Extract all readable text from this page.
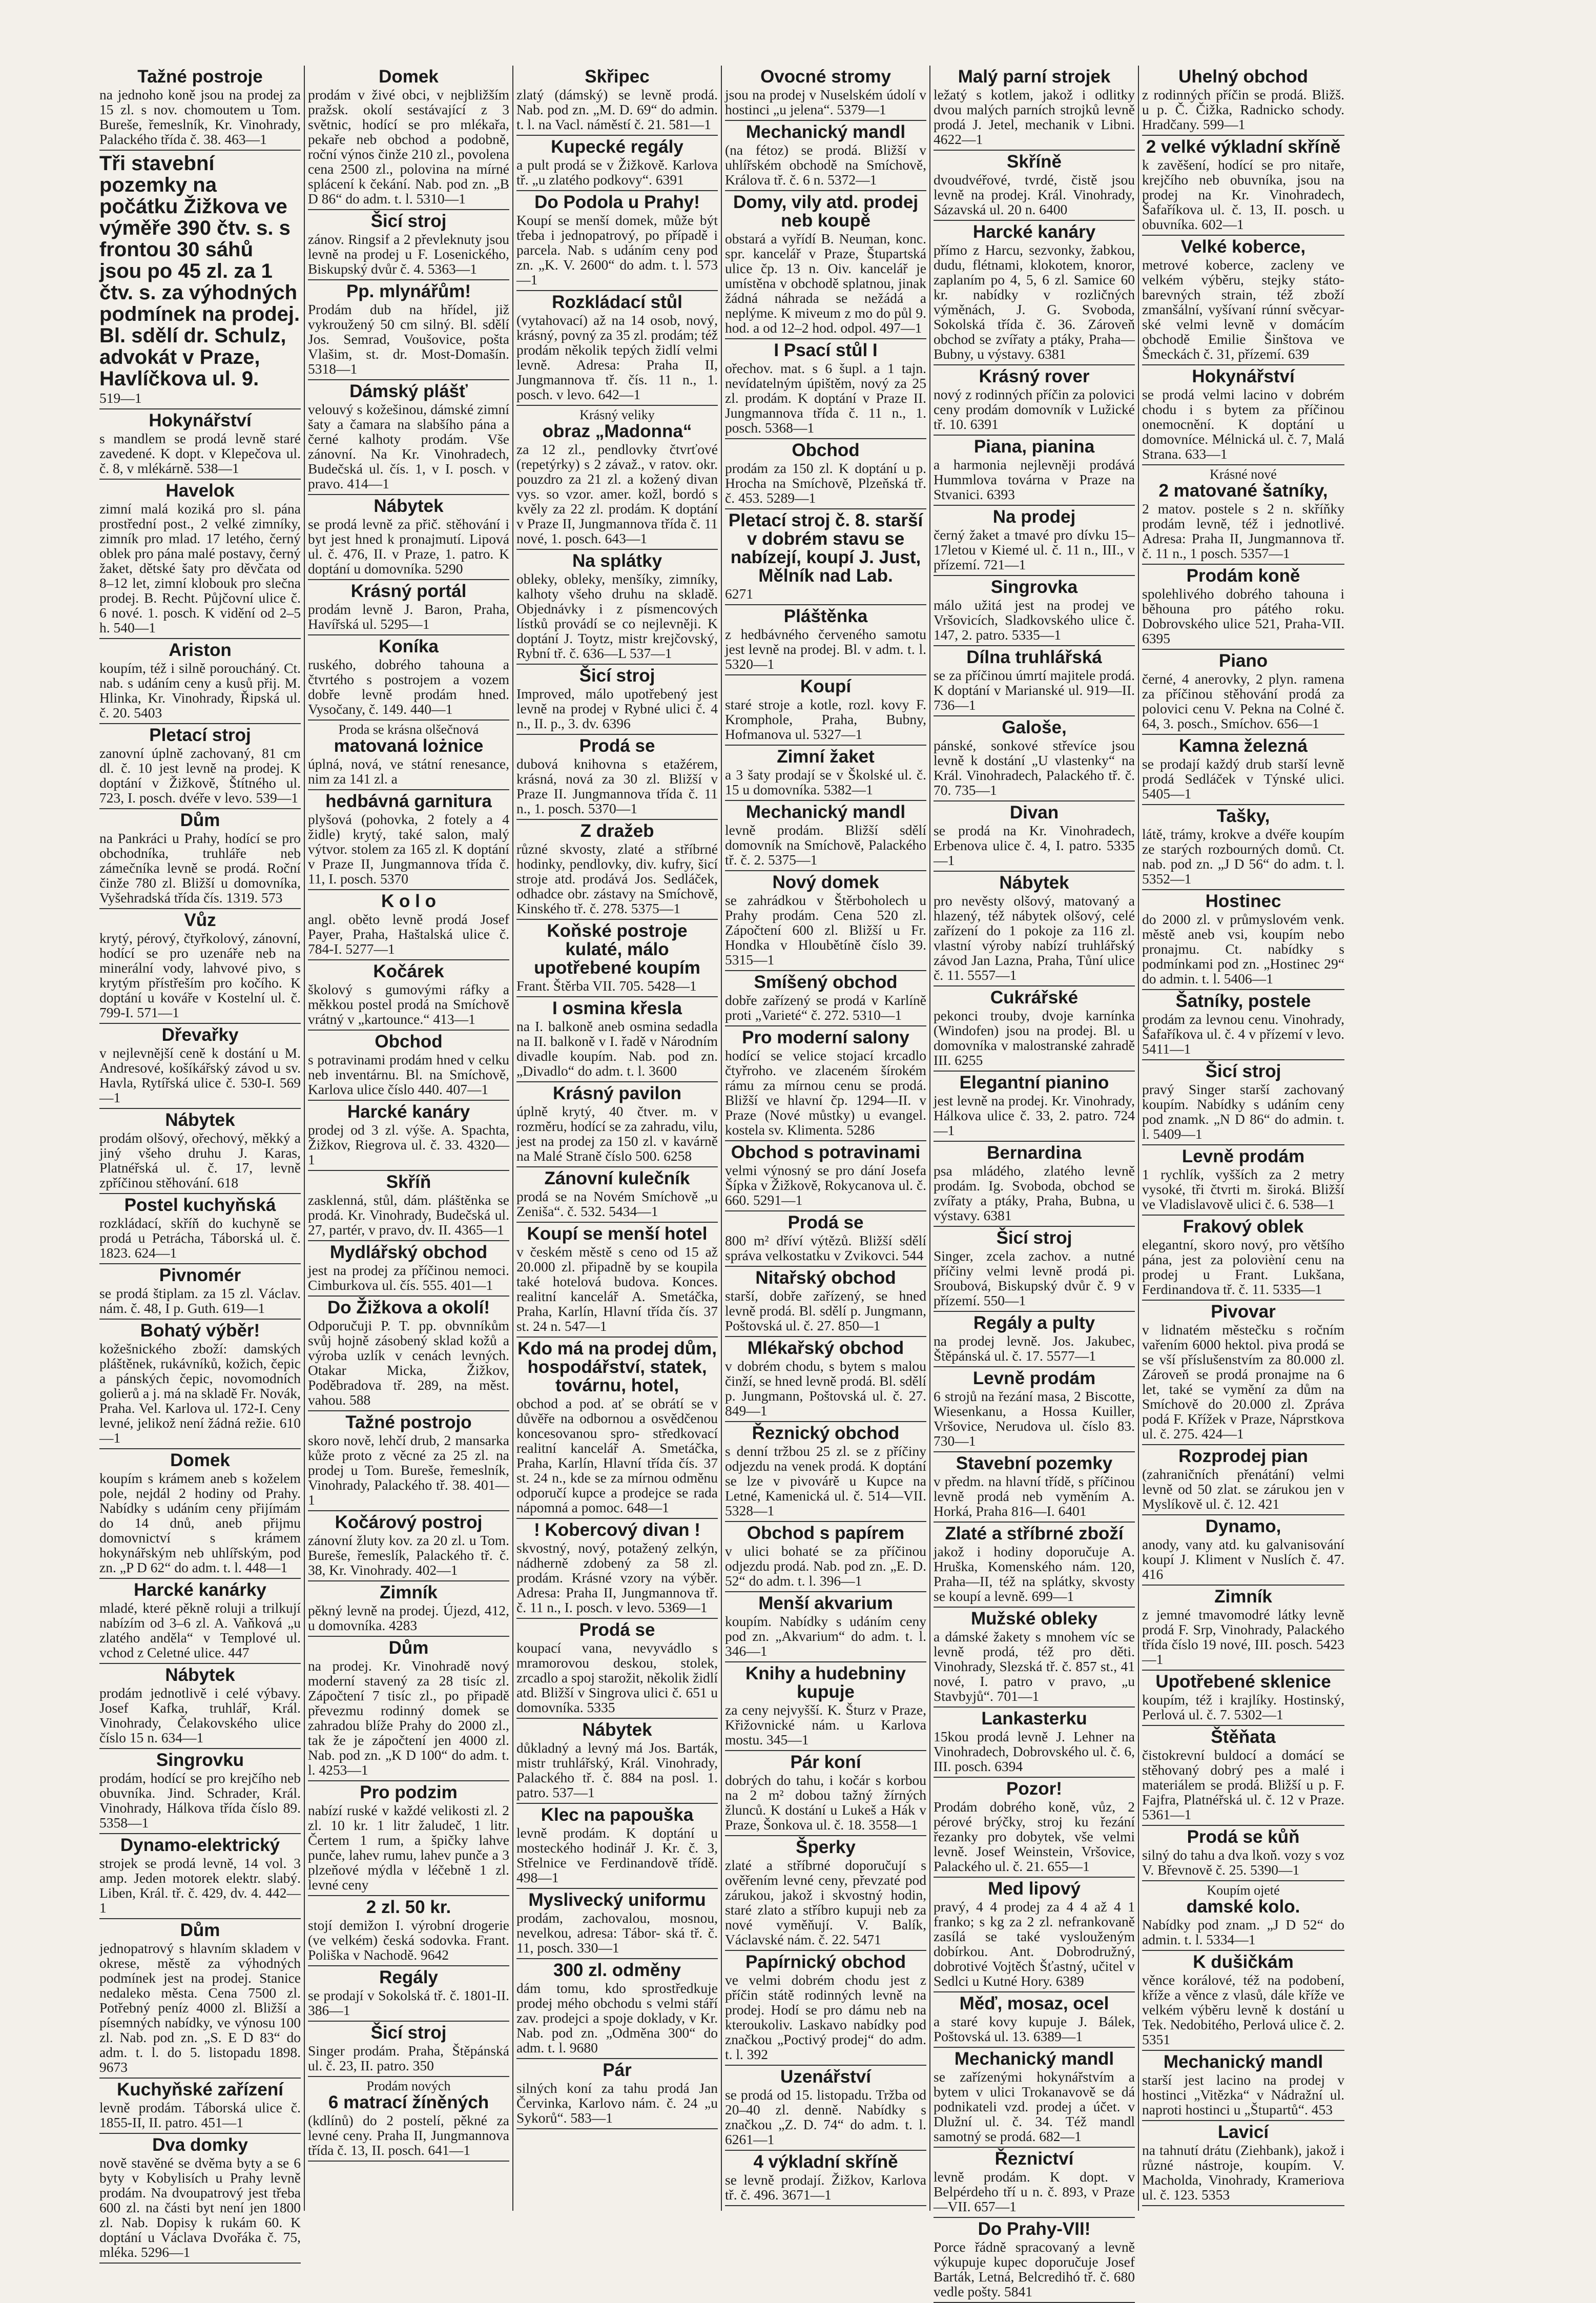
Tažné postroje
na jednoho koně jsou na prodej za 15 zl. s nov. chomoutem u Tom. Bureše, řemeslník, Kr. Vinohrady, Palackého třída č. 38. 463—1
Tři stavební pozemky na počátku Žižkova ve výměře 390 čtv. s. s frontou 30 sáhů jsou po 45 zl. za 1 čtv. s. za výhodných podmínek na prodej. Bl. sdělí dr. Schulz, advokát v Praze, Havlíčkova ul. 9.
519—1
Hokynářství
s mandlem se prodá levně staré zavedené. K dopt. v Klepečova ul. č. 8, v mlékárně. 538—1
Havelok
zimní malá koziká pro sl. pána prostřední post., 2 velké zimníky, zimník pro mlad. 17 letého, černý oblek pro pána malé postavy, černý žaket, dětské šaty pro děvčata od 8–12 let, zimní klobouk pro slečna prodej. B. Recht. Půjčovní ulice č. 6 nové. 1. posch. K vidění od 2–5 h. 540—1
Ariston
koupím, též i silně poroucháný. Ct. nab. s udáním ceny a kusů přij. M. Hlinka, Kr. Vinohrady, Řipská ul. č. 20. 5403
Pletací stroj
zanovní úplně zachovaný, 81 cm dl. č. 10 jest levně na prodej. K doptání v Žižkově, Štítného ul. 723, I. posch. dvéře v levo. 539—1
Dům
na Pankráci u Prahy, hodící se pro obchodníka, truhláře neb zámečníka levně se prodá. Roční činže 780 zl. Bližší u domovníka, Vyšehradská třída čís. 1319. 573
Vůz
krytý, pérový, čtyřkolový, zánovní, hodící se pro uzenáře neb na minerální vody, lahvové pivo, s krytým přístřeším pro kočího. K doptání u kováře v Kostelní ul. č. 799-I. 571—1
Dřevařky
v nejlevnější ceně k dostání u M. Andresové, košíkářský závod u sv. Havla, Rytířská ulice č. 530-I. 569—1
Nábytek
prodám olšový, ořechový, měkký a jiný všeho druhu J. Karas, Platnéřská ul. č. 17, levně zpříčinou stěhování. 618
Postel kuchyňská
rozkládací, skříň do kuchyně se prodá u Petrácha, Táborská ul. č. 1823. 624—1
Pivnomér
se prodá štiplam. za 15 zl. Václav. nám. č. 48, I p. Guth. 619—1
Bohatý výběr!
kožešnického zboží: damských pláštěnek, rukávníků, kožich, čepic a pánských čepic, novomodních golierů a j. má na skladě Fr. Novák, Praha. Vel. Karlova ul. 172-I. Ceny levné, jelikož není žádná režie. 610—1
Domek
koupím s krámem aneb s koželem pole, nejdál 2 hodiny od Prahy. Nabídky s udáním ceny přijímám do 14 dnů, aneb přijmu domovnictví s krámem hokynářským neb uhlířským, pod zn. „P D 62“ do adm. t. l. 448—1
Harcké kanárky
mladé, které pěkně roluji a trilkují nabízím od 3–6 zl. A. Vaňková „u zlatého anděla“ v Templové ul. vchod z Celetné ulice. 447
Nábytek
prodám jednotlivě i celé výbavy. Josef Kafka, truhlář, Král. Vinohrady, Čelakovského ulice číslo 15 n. 634—1
Singrovku
prodám, hodící se pro krejčího neb obuvníka. Jind. Schrader, Král. Vinohrady, Hálkova třída číslo 89. 5358—1
Dynamo-elektrický
strojek se prodá levně, 14 vol. 3 amp. Jeden motorek elektr. slabý. Liben, Král. tř. č. 429, dv. 4. 442—1
Dům
jednopatrový s hlavním skladem v okrese, městě za výhodných podmínek jest na prodej. Stanice nedaleko města. Cena 7500 zl. Potřebný peníz 4000 zl. Bližší a písemných nabídky, ve výnosu 100 zl. Nab. pod zn. „S. E D 83“ do adm. t. l. do 5. listopadu 1898. 9673
Kuchyňské zařízení
levně prodám. Táborská ulice č. 1855-II, II. patro. 451—1
Dva domky
nově stavěné se dvěma byty a se 6 byty v Kobylisích u Prahy levně prodám. Na dvoupatrový jest třeba 600 zl. na části byt není jen 1800 zl. Nab. Dopisy k rukám 60. K doptání u Václava Dvořáka č. 75, mléka. 5296—1
Domek
prodám v živé obci, v nejbližším pražsk. okolí sestávající z 3 světnic, hodící se pro mlékařa, pekaře neb obchod a podobně, roční výnos činže 210 zl., povolena cena 2500 zl., polovina na mírné splácení k čekání. Nab. pod zn. „B D 86“ do adm. t. l. 5310—1
Šicí stroj
zánov. Ringsif a 2 převleknuty jsou levně na prodej u F. Losenického, Biskupský dvůr č. 4. 5363—1
Pp. mlynářům!
Prodám dub na hřídel, již vykroužený 50 cm silný. Bl. sdělí Jos. Semrad, Voušovice, pošta Vlašim, st. dr. Most-Domašín. 5318—1
Dámský plášť
velouvý s kožešinou, dámské zimní šaty a čamara na slabšího pána a černé kalhoty prodám. Vše zánovní. Na Kr. Vinohradech, Budečská ul. čís. 1, v I. posch. v pravo. 414—1
Nábytek
se prodá levně za přič. stěhování i byt jest hned k pronajmutí. Lipová ul. č. 476, II. v Praze, 1. patro. K doptání u domovníka. 5290
Krásný portál
prodám levně J. Baron, Praha, Havířská ul. 5295—1
Koníka
ruského, dobrého tahouna a čtvrtého s postrojem a vozem dobře levně prodám hned. Vysočany, č. 149. 440—1
Proda se krásna olšečnová
matovaná lożnice
úplná, nová, ve státní renesance, nim za 141 zl. a
hedbávná garnitura
plyšová (pohovka, 2 fotely a 4 židle) krytý, také salon, malý výtvor. stolem za 165 zl. K doptání v Praze II, Jungmannova třída č. 11, I. posch. 5370
K o l o
angl. oběto levně prodá Josef Payer, Praha, Haštalská ulice č. 784-I. 5277—1
Kočárek
školový s gumovými ráfky a měkkou postel prodá na Smíchově vrátný v „kartounce.“ 413—1
Obchod
s potravinami prodám hned v celku neb inventárnu. Bl. na Smíchově, Karlova ulice číslo 440. 407—1
Harcké kanáry
prodej od 3 zl. výše. A. Spachta, Žižkov, Riegrova ul. č. 33. 4320—1
Skříň
zasklenná, stůl, dám. pláštěnka se prodá. Kr. Vinohrady, Budečská ul. 27, partér, v pravo, dv. II. 4365—1
Mydlářský obchod
jest na prodej za příčinou nemoci. Cimburkova ul. čís. 555. 401—1
Do Žižkova a okolí!
Odporučuji P. T. pp. obvnníkům svůj hojně zásobený sklad kožů a výroba uzlík v cenách levných. Otakar Micka, Žižkov, Poděbradova tř. 289, na měst. vahou. 588
Tažné postrojo
skoro nově, lehčí drub, 2 mansarka kůže proto z věcné za 25 zl. na prodej u Tom. Bureše, řemeslník, Vinohrady, Palackého tř. 38. 401—1
Kočárový postroj
zánovní žluty kov. za 20 zl. u Tom. Bureše, řemeslík, Palackého tř. č. 38, Kr. Vinohrady. 402—1
Zimník
pěkný levně na prodej. Újezd, 412, u domovníka. 4283
Dům
na prodej. Kr. Vinohradě nový moderní stavený za 28 tisíc zl. Zápočtení 7 tisíc zl., po připadě převezmu rodinný domek se zahradou blíže Prahy do 2000 zl., tak že je zápočtení jen 4000 zl. Nab. pod zn. „K D 100“ do adm. t. l. 4253—1
Pro podzim
nabízí ruské v každé velikosti zl. 2 zl. 10 kr. 1 litr žaludeč, 1 litr. Čertem 1 rum, a špičky lahve punče, lahev rumu, lahev punče a 3 plzeňové mýdla v léčebně 1 zl. levné ceny
2 zl. 50 kr.
stojí demižon I. výrobní drogerie (ve velkém) česká sodovka. Frant. Poliška v Nachodě. 9642
Regály
se prodají v Sokolská tř. č. 1801-II. 386—1
Šicí stroj
Singer prodám. Praha, Štěpánská ul. č. 23, II. patro. 350
Prodám nových
6 matrací žíněných
(kdlínů) do 2 postelí, pěkné za levné ceny. Praha II, Jungmannova třída č. 13, II. posch. 641—1
Skřipec
zlatý (dámský) se levně prodá. Nab. pod zn. „M. D. 69“ do admin. t. l. na Vacl. náměstí č. 21. 581—1
Kupecké regály
a pult prodá se v Žižkově. Karlova tř. „u zlatého podkovy“. 6391
Do Podola u Prahy!
Koupí se menší domek, může být třeba i jednopatrový, po případě i parcela. Nab. s udáním ceny pod zn. „K. V. 2600“ do adm. t. l. 573—1
Rozkládací stůl
(vytahovací) až na 14 osob, nový, krásný, povný za 35 zl. prodám; též prodám několik tepých židlí velmi levně. Adresa: Praha II, Jungmannova tř. čís. 11 n., 1. posch. v levo. 642—1
Krásný veliky
obraz „Madonna“
za 12 zl., pendlovky čtvrťové (repetýrky) s 2 závaž., v ratov. okr. pouzdro za 21 zl. a kožený divan vys. so vzor. amer. kožl, bordó s kvěly za 22 zl. prodám. K doptání v Praze II, Jungmannova třída č. 11 nové, 1. posch. 643—1
Na splátky
obleky, obleky, menšíky, zimníky, kalhoty všeho druhu na skladě. Objednávky i z písmencových lístků provádí se co nejlevněji. K doptání J. Toytz, mistr krejčovský, Rybní tř. č. 636—L 537—1
Šicí stroj
Improved, málo upotřebený jest levně na prodej v Rybné ulici č. 4 n., II. p., 3. dv. 6396
Prodá se
dubová knihovna s etažérem, krásná, nová za 30 zl. Bližší v Praze II. Jungmannova třída č. 11 n., 1. posch. 5370—1
Z dražeb
různé skvosty, zlaté a stříbrné hodinky, pendlovky, div. kufry, šicí stroje atd. prodává Jos. Sedláček, odhadce obr. zástavy na Smíchově, Kinského tř. č. 278. 5375—1
Koňské postroje kulaté, málo upotřebené koupím
Frant. Štěrba VII. 705. 5428—1
I osmina křesla
na I. balkoně aneb osmina sedadla na II. balkoně v I. řadě v Národním divadle koupím. Nab. pod zn. „Divadlo“ do adm. t. l. 3600
Krásný pavilon
úplně krytý, 40 čtver. m. v rozměru, hodící se za zahradu, vilu, jest na prodej za 150 zl. v kavárně na Malé Straně číslo 500. 6258
Zánovní kulečník
prodá se na Novém Smíchově „u Zeniša“. č. 532. 5434—1
Koupí se menší hotel
v českém městě s ceno od 15 až 20.000 zl. připadně by se koupila také hotelová budova. Konces. realitní kancelář A. Smetáčka, Praha, Karlín, Hlavní třída čís. 37 st. 24 n. 547—1
Kdo má na prodej dům, hospodářství, statek, továrnu, hotel,
obchod a pod. ať se obrátí se v důvěře na odbornou a osvědčenou koncesovanou spro- středkovací realitní kancelář A. Smetáčka, Praha, Karlín, Hlavní třída čís. 37 st. 24 n., kde se za mírnou odměnu odporučí kupce a prodejce se rada nápomná a pomoc. 648—1
! Kobercový divan !
skvostný, nový, potažený zelkýn, nádherně zdobený za 58 zl. prodám. Krásné vzory na výběr. Adresa: Praha II, Jungmannova tř. č. 11 n., I. posch. v levo. 5369—1
Prodá se
koupací vana, nevyvádlo s mramorovou deskou, stolek, zrcadlo a spoj starožit, několik židlí atd. Bližší v Singrova ulici č. 651 u domovníka. 5335
Nábytek
důkladný a levný má Jos. Barták, mistr truhlářský, Král. Vinohrady, Palackého tř. č. 884 na posl. 1. patro. 537—1
Klec na papouška
levně prodám. K doptání u mosteckého hodinář J. Kr. č. 3, Střelnice ve Ferdinandově třídě. 498—1
Myslivecký uniformu
prodám, zachovalou, mosnou, nevelkou, adresa: Tábor- ská tř. č. 11, posch. 330—1
300 zl. odměny
dám tomu, kdo sprostředkuje prodej mého obchodu s velmi stáří zav. prodejci a spoje doklady, v Kr. Nab. pod zn. „Odměna 300“ do adm. t. l. 9680
Pár
silných koní za tahu prodá Jan Červinka, Karlovo nám. č. 24 „u Sykorů“. 583—1
Ovocné stromy
jsou na prodej v Nuselském údolí v hostinci „u jelena“. 5379—1
Mechanický mandl
(na fétoz) se prodá. Bližší v uhlířském obchodě na Smíchově, Králova tř. č. 6 n. 5372—1
Domy, vily atd. prodej neb koupě
obstará a vyřídí B. Neuman, konc. spr. kancelář v Praze, Štupartská ulice čp. 13 n. Oiv. kancelář je umístěna v obchodě splatnou, jinak žádná náhrada se nežádá a neplýme. K miveum z mo do půl 9. hod. a od 12–2 hod. odpol. 497—1
I Psací stůl I
ořechov. mat. s 6 šupl. a 1 tajn. nevídatelným úpištěm, nový za 25 zl. prodám. K doptání v Praze II. Jungmannova třída č. 11 n., 1. posch. 5368—1
Obchod
prodám za 150 zl. K doptání u p. Hrocha na Smíchově, Plzeňská tř. č. 453. 5289—1
Pletací stroj č. 8. starší v dobrém stavu se nabízejí, koupí J. Just, Mělník nad Lab.
6271
Pláštěnka
z hedbávného červeného samotu jest levně na prodej. Bl. v adm. t. l. 5320—1
Koupí
staré stroje a kotle, rozl. kovy F. Kromphole, Praha, Bubny, Hofmanova ul. 5327—1
Zimní žaket
a 3 šaty prodají se v Školské ul. č. 15 u domovníka. 5382—1
Mechanický mandl
levně prodám. Bližší sdělí domovník na Smíchově, Palackého tř. č. 2. 5375—1
Nový domek
se zahrádkou v Štěrboholech u Prahy prodám. Cena 520 zl. Zápočtení 600 zl. Bližší u Fr. Hondka v Hloubětíně číslo 39. 5315—1
Smíšený obchod
dobře zařízený se prodá v Karlíně proti „Varieté“ č. 272. 5310—1
Pro moderní salony
hodící se velice stojací krcadlo čtyřroho. ve zlaceném šírokém rámu za mírnou cenu se prodá. Bližší ve hlavní čp. 1294—II. v Praze (Nové můstky) u evangel. kostela sv. Klimenta. 5286
Obchod s potravinami
velmi výnosný se pro dání Josefa Šípka v Žižkově, Rokycanova ul. č. 660. 5291—1
Prodá se
800 m² dříví výtězů. Bližší sdělí správa velkostatku v Zvikovci. 544
Nitařský obchod
starší, dobře zařízený, se hned levně prodá. Bl. sdělí p. Jungmann, Poštovská ul. č. 27. 850—1
Mlékařský obchod
v dobrém chodu, s bytem s malou činží, se hned levně prodá. Bl. sdělí p. Jungmann, Poštovská ul. č. 27. 849—1
Řeznický obchod
s denní tržbou 25 zl. se z příčiny odjezdu na venek prodá. K doptání se lze v pivovárě u Kupce na Letné, Kamenická ul. č. 514—VII. 5328—1
Obchod s papírem
v ulici bohaté se za příčinou odjezdu prodá. Nab. pod zn. „E. D. 52“ do adm. t. l. 396—1
Menší akvarium
koupím. Nabídky s udáním ceny pod zn. „Akvarium“ do adm. t. l. 346—1
Knihy a hudebniny kupuje
za ceny nejvyšší. K. Šturz v Praze, Křižovnické nám. u Karlova mostu. 345—1
Pár koní
dobrých do tahu, i kočár s korbou na 2 m² dobou tažný žírných žlunců. K dostání u Lukeš a Hák v Praze, Šonkova ul. č. 18. 3558—1
Šperky
zlaté a stříbrné doporučují s ověřením levné ceny, převzaté pod zárukou, jakož i skvostný hodin, staré zlato a stříbro kupuji neb za nové vyměňují. V. Balík, Václavské nám. č. 22. 5471
Papírnický obchod
ve velmi dobrém chodu jest z příčin státě rodinných levně na prodej. Hodí se pro dámu neb na kteroukoliv. Laskavo nabídky pod značkou „Poctivý prodej“ do adm. t. l. 392
Uzenářství
se prodá od 15. listopadu. Tržba od 20–40 zl. denně. Nabídky s značkou „Z. D. 74“ do adm. t. l. 6261—1
4 výkladní skříně
se levně prodají. Žižkov, Karlova tř. č. 496. 3671—1
Malý parní strojek
ležatý s kotlem, jakož i odlitky dvou malých parních strojků levně prodá J. Jetel, mechanik v Libni. 4622—1
Skříně
dvoudvéřové, tvrdé, čistě jsou levně na prodej. Král. Vinohrady, Sázavská ul. 20 n. 6400
Harcké kanáry
přímo z Harcu, sezvonky, žabkou, dudu, flétnami, klokotem, knoror, zaplaním po 4, 5, 6 zl. Samice 60 kr. nabídky v rozličných výměnách, J. G. Svoboda, Sokolská třída č. 36. Zároveň obchod se zvířaty a ptáky, Praha—Bubny, u výstavy. 6381
Krásný rover
nový z rodinných příčin za polovici ceny prodám domovník v Lužické tř. 10. 6391
Piana, pianina
a harmonia nejlevněji prodává Hummlova továrna v Praze na Stvanici. 6393
Na prodej
černý žaket a tmavé pro dívku 15–17letou v Kiemé ul. č. 11 n., III., v přízemí. 721—1
Singrovka
málo užitá jest na prodej ve Vršovicích, Sladkovského ulice č. 147, 2. patro. 5335—1
Dílna truhlářská
se za příčinou úmrtí majitele prodá. K doptání v Marianské ul. 919—II. 736—1
Galoše,
pánské, sonkové střevíce jsou levně k dostání „U vlastenky“ na Král. Vinohradech, Palackého tř. č. 70. 735—1
Divan
se prodá na Kr. Vinohradech, Erbenova ulice č. 4, I. patro. 5335—1
Nábytek
pro nevěsty olšový, matovaný a hlazený, též nábytek olšový, celé zařízení do 1 pokoje za 116 zl. vlastní výroby nabízí truhlářský závod Jan Lazna, Praha, Tůní ulice č. 11. 5557—1
Cukrářské
pekonci trouby, dvoje karnínka (Windofen) jsou na prodej. Bl. u domovníka v malostranské zahradě III. 6255
Elegantní pianino
jest levně na prodej. Kr. Vinohrady, Hálkova ulice č. 33, 2. patro. 724—1
Bernardina
psa mládého, zlatého levně prodám. Ig. Svoboda, obchod se zvířaty a ptáky, Praha, Bubna, u výstavy. 6381
Šicí stroj
Singer, zcela zachov. a nutné příčiny velmi levně prodá pi. Sroubová, Biskupský dvůr č. 9 v přízemí. 550—1
Regály a pulty
na prodej levně. Jos. Jakubec, Štěpánská ul. č. 17. 5577—1
Levně prodám
6 strojů na řezání masa, 2 Biscotte, Wiesenkanu, a Hossa Kuiller, Vršovice, Nerudova ul. číslo 83. 730—1
Stavební pozemky
v předm. na hlavní třídě, s příčinou levně prodá neb vyměním A. Horká, Praha 816—I. 6401
Zlaté a stříbrné zboží
jakož i hodiny doporučuje A. Hruška, Komenského nám. 120, Praha—II, též na splátky, skvosty se koupí a levně. 699—1
Mužské obleky
a dámské žakety s mnohem víc se levně prodá, též pro děti. Vinohrady, Slezská tř. č. 857 st., 41 nové, I. patro v pravo, „u Stavbyjů“. 701—1
Lankasterku
15kou prodá levně J. Lehner na Vinohradech, Dobrovského ul. č. 6, III. posch. 6394
Pozor!
Prodám dobrého koně, vůz, 2 pérové brýčky, stroj ku řezání řezanky pro dobytek, vše velmi levně. Josef Weinstein, Vršovice, Palackého ul. č. 21. 655—1
Med lipový
pravý, 4 4 prodej za 4 4 až 4 1 franko; s kg za 2 zl. nefrankovaně zasílá se také vyslouženým dobírkou. Ant. Dobrodružný, dobrotivé Vojtěch Šťastný, učitel v Sedlci u Kutné Hory. 6389
Měď, mosaz, ocel
a staré kovy kupuje J. Bálek, Poštovská ul. 13. 6389—1
Mechanický mandl
se zařízenými hokynářstvím a bytem v ulici Trokanavově se dá podnikateli vzd. prodej a účet. v Dlužní ul. č. 34. Též mandl samotný se prodá. 682—1
Řeznictví
levně prodám. K dopt. v Belpérdeho tří u n. č. 893, v Praze—VII. 657—1
Do Prahy-VII!
Porce řádně spracovaný a levně výkupuje kupec doporučuje Josef Barták, Letná, Belcredihó tř. č. 680 vedle pošty. 5841
Uhelný obchod
z rodinných příčin se prodá. Bližš. u p. Č. Čižka, Radnicko schody. Hradčany. 599—1
2 velké výkladní skříně
k zavěšení, hodící se pro nitaře, krejčího neb obuvníka, jsou na prodej na Kr. Vinohradech, Šafaříkova ul. č. 13, II. posch. u obuvníka. 602—1
Velké koberce,
metrové koberce, zacleny ve velkém výběru, stejky státo-barevných strain, též zboží zmanšální, vyšívaní rúnní svěcyar-ské velmi levně v domácím obchodě Emilie Šinštova ve Šmeckách č. 31, přízemí. 639
Hokynářství
se prodá velmi lacino v dobrém chodu i s bytem za příčinou onemocnění. K doptání u domovníce. Mélnická ul. č. 7, Malá Strana. 633—1
Krásné nové
2 matované šatníky,
2 matov. postele s 2 n. skříňky prodám levně, též i jednotlivé. Adresa: Praha II, Jungmannova tř. č. 11 n., 1 posch. 5357—1
Prodám koně
spolehlivého dobrého tahouna i běhouna pro pátého roku. Dobrovského ulice 521, Praha-VII. 6395
Piano
černé, 4 anerovky, 2 plyn. ramena za příčinou stěhování prodá za polovici cenu V. Pekna na Colné č. 64, 3. posch., Smíchov. 656—1
Kamna železná
se prodají každý drub starší levně prodá Sedláček v Týnské ulici. 5405—1
Tašky,
látě, trámy, krokve a dvéře koupím ze starých rozbourných domů. Ct. nab. pod zn. „J D 56“ do adm. t. l. 5352—1
Hostinec
do 2000 zl. v průmyslovém venk. městě aneb vsi, koupím nebo pronajmu. Ct. nabídky s podmínkami pod zn. „Hostinec 29“ do admin. t. l. 5406—1
Šatníky, postele
prodám za levnou cenu. Vinohrady, Šafaříkova ul. č. 4 v přízemí v levo. 5411—1
Šicí stroj
pravý Singer starší zachovaný koupím. Nabídky s udáním ceny pod znamk. „N D 86“ do admin. t. l. 5409—1
Levně prodám
1 rychlík, vyšších za 2 metry vysoké, tři čtvrti m. široká. Bližší ve Vladislavově ulici č. 6. 538—1
Frakový oblek
elegantní, skoro nový, pro většího pána, jest za polovièní cenu na prodej u Frant. Lukšana, Ferdinandova tř. č. 11. 5335—1
Pivovar
v lidnatém městečku s ročním vařením 6000 hektol. piva prodá se se vší příslušenstvím za 80.000 zl. Zároveň se prodá pronajme na 6 let, také se vymění za dům na Smíchově do 20.000 zl. Zpráva podá F. Křížek v Praze, Náprstkova ul. č. 275. 424—1
Rozprodej pian
(zahraničních přenátání) velmi levně od 50 zlat. se zárukou jen v Myslíkově ul. č. 12. 421
Dynamo,
anody, vany atd. ku galvanisování koupí J. Kliment v Nuslích č. 47. 416
Zimník
z jemné tmavomodré látky levně prodá F. Srp, Vinohrady, Palackého třída číslo 19 nové, III. posch. 5423—1
Upotřebené sklenice
koupím, též i krajlíky. Hostinský, Perlová ul. č. 7. 5302—1
Štěňata
čistokrevní buldocí a domácí se stěhovaný dobrý pes a malé i materiálem se prodá. Bližší u p. F. Fajfra, Platnéřská ul. č. 12 v Praze. 5361—1
Prodá se kůň
silný do tahu a dva lkoň. vozy s voz V. Břevnově č. 25. 5390—1
Koupím ojeté
damské kolo.
Nabídky pod znam. „J D 52“ do admin. t. l. 5334—1
K dušičkám
věnce korálové, též na podobení, kříže a věnce z vlasů, dále kříže ve velkém výběru levně k dostání u Tek. Nedobitého, Perlová ulice č. 2. 5351
Mechanický mandl
starší jest lacino na prodej v hostinci „Vitězka“ v Nádražní ul. naproti hostinci u „Štupartů“. 453
Lavicí
na tahnutí drátu (Ziehbank), jakož i různé nástroje, koupím. V. Macholda, Vinohrady, Krameriova ul. č. 123. 5353
